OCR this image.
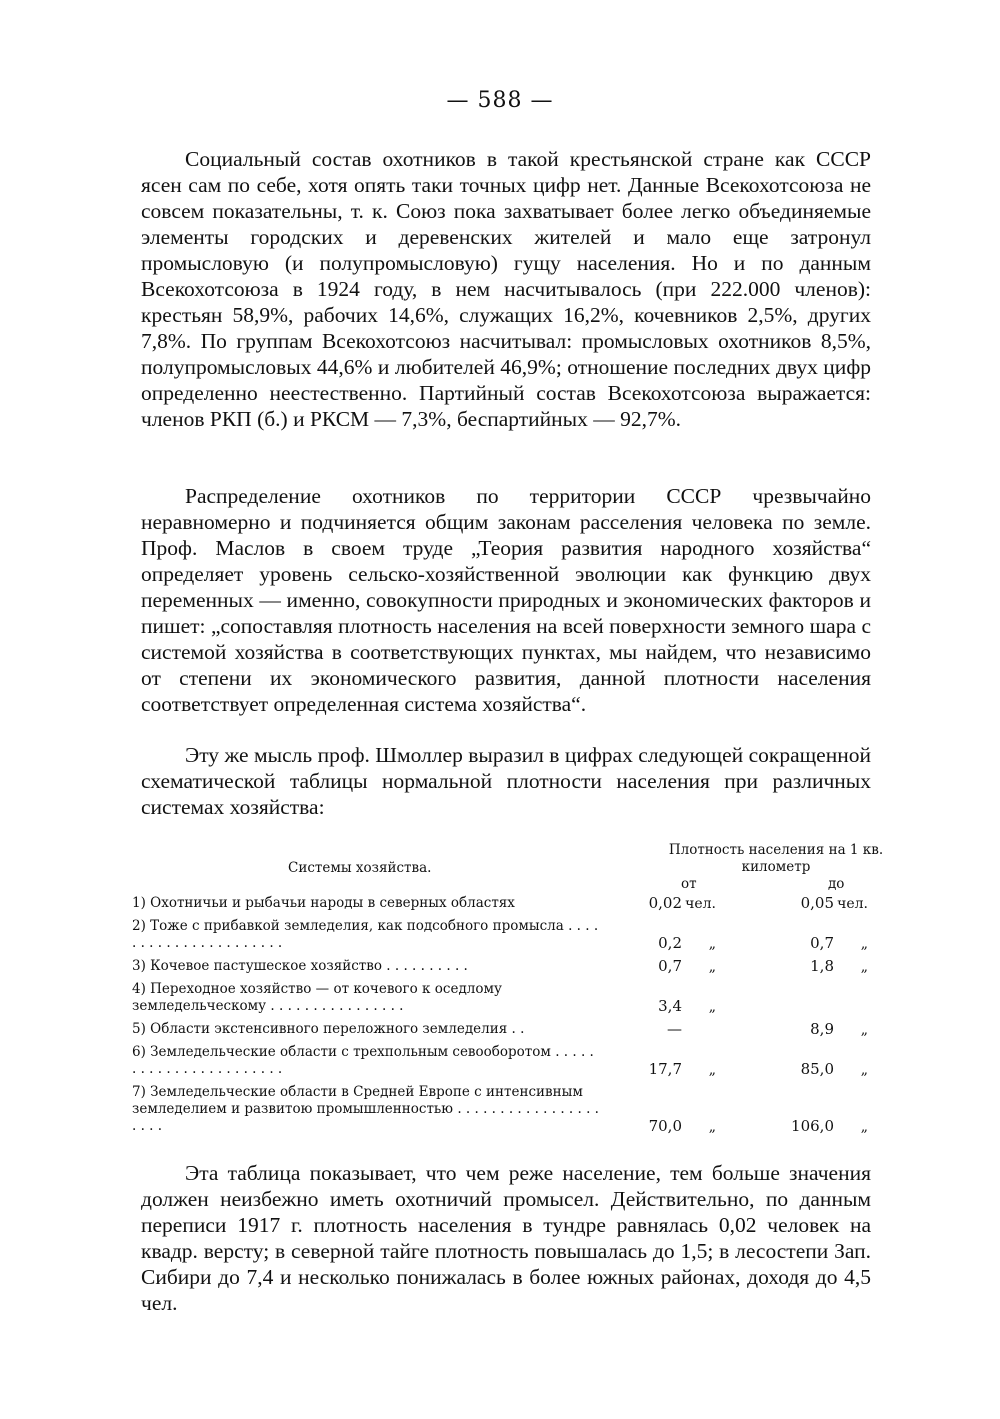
— 588 —

Социальный состав охотников в такой крестьянской стране как СССР ясен сам по себе, хотя опять таки точных цифр нет. Данные Всекохотсоюза не совсем показательны, т. к. Союз пока захватывает более легко объединяемые элементы городских и деревенских жителей и мало еще затронул промысловую (и полупромысловую) гущу населения. Но и по данным Всекохотсоюза в 1924 году, в нем насчитывалось (при 222.000 членов): крестьян 58,9%, рабочих 14,6%, служащих 16,2%, кочевников 2,5%, других 7,8%. По группам Всекохотсоюз насчитывал: промысловых охотников 8,5%, полупромысловых 44,6% и любителей 46,9%; отношение последних двух цифр определенно неестественно. Партийный состав Всекохотсоюза выражается: членов РКП (б.) и РКСМ — 7,3%, беспартийных — 92,7%.

Распределение охотников по территории СССР чрезвычайно неравномерно и подчиняется общим законам расселения человека по земле. Проф. Маслов в своем труде „Теория развития народного хозяйства“ определяет уровень сельско-хозяйственной эволюции как функцию двух переменных — именно, совокупности природных и экономических факторов и пишет: „сопоставляя плотность населения на всей поверхности земного шара с системой хозяйства в соответствующих пунктах, мы найдем, что независимо от степени их экономического развития, данной плотности населения соответствует определенная система хозяйства“.

Эту же мысль проф. Шмоллер выразил в цифрах следующей сокращенной схематической таблицы нормальной плотности населения при различных системах хозяйства:

Системы хозяйства.
Плотность населения на 1 кв. километр
от	до
1) Охотничьи и рыбачьи народы в северных областях	0,02 чел.	0,05 чел.
2) Тоже с прибавкой земледелия, как подсобного промысла . . . . . . . . . . . . . . . . . . . . . .	0,2 „	0,7 „
3) Кочевое пастушеское хозяйство . . . . . . . . . .	0,7 „	1,8 „
4) Переходное хозяйство — от кочевого к оседлому земледельческому . . . . . . . . . . . . . . . .	3,4 „
5) Области экстенсивного переложного земледелия . .	—	8,9 „
6) Земледельческие области с трехпольным севооборотом . . . . . . . . . . . . . . . . . . . . . . .	17,7 „	85,0 „
7) Земледельческие области в Средней Европе с интенсивным земледелием и развитою промышленностью . . . . . . . . . . . . . . . . . . . . .	70,0 „	106,0 „

Эта таблица показывает, что чем реже население, тем больше значения должен неизбежно иметь охотничий промысел. Действительно, по данным переписи 1917 г. плотность населения в тундре равнялась 0,02 человек на квадр. версту; в северной тайге плотность повышалась до 1,5; в лесостепи Зап. Сибири до 7,4 и несколько понижалась в более южных районах, доходя до 4,5 чел.
